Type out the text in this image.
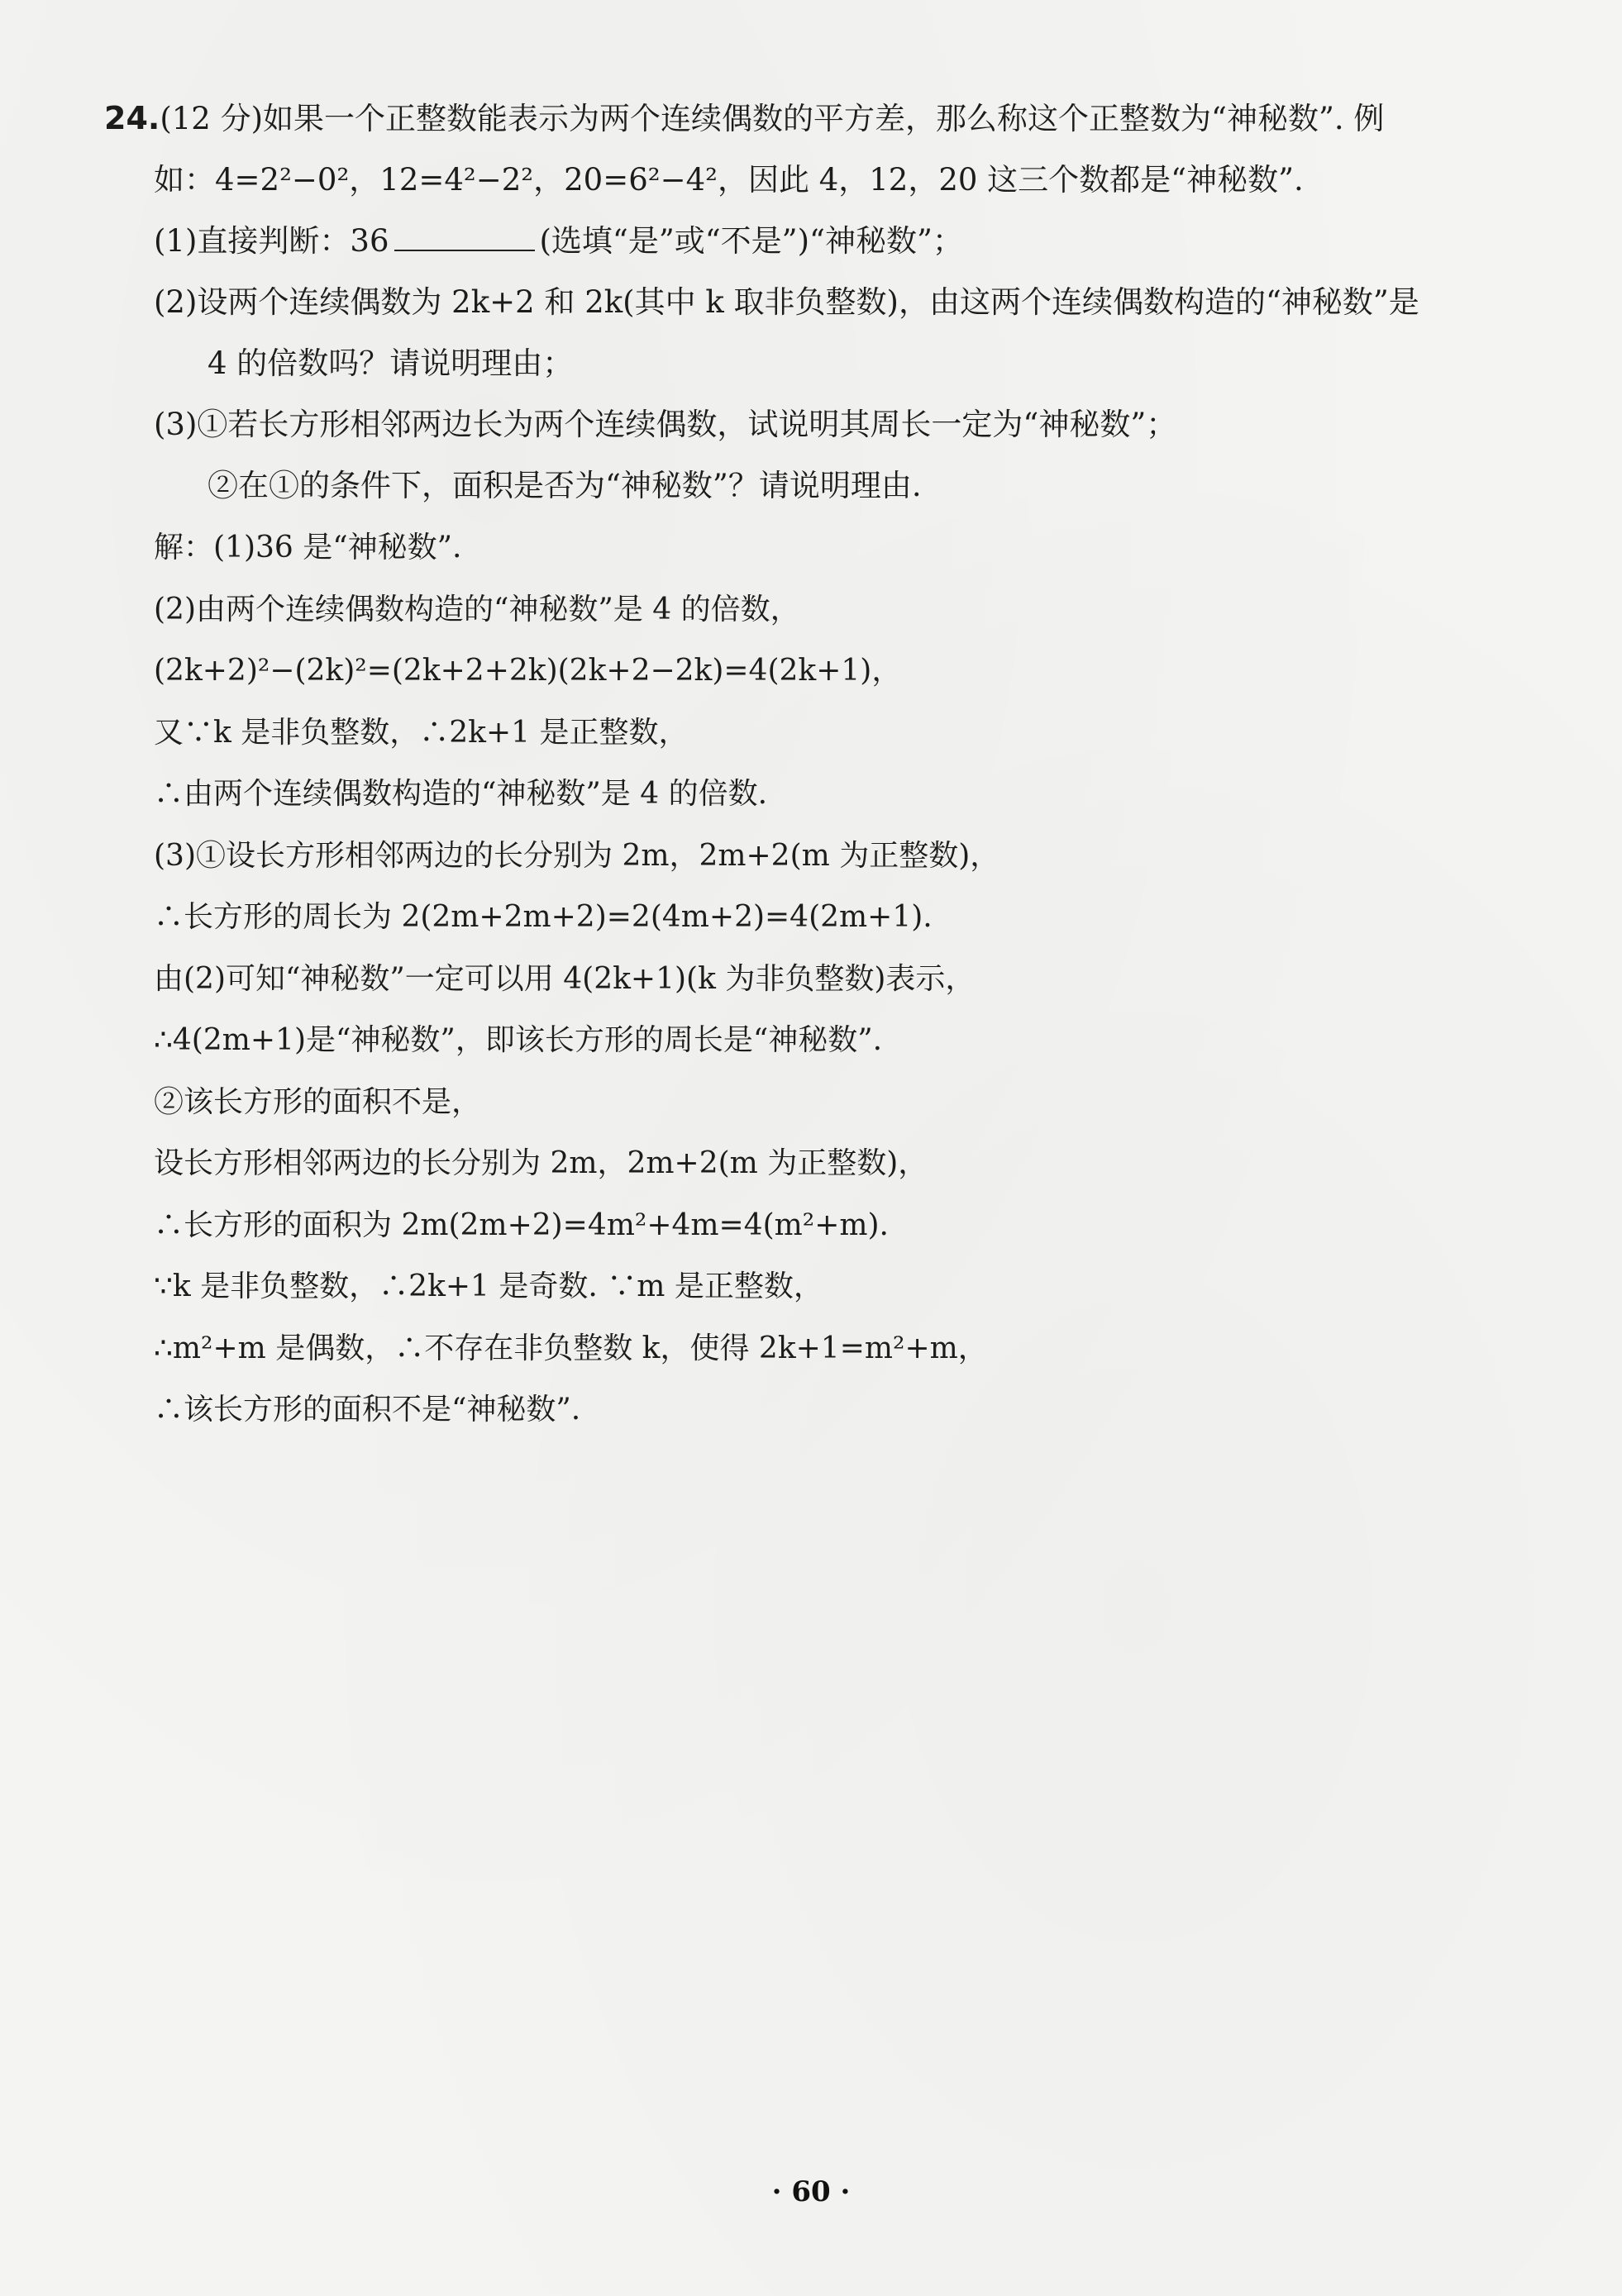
24.(12 分)如果一个正整数能表示为两个连续偶数的平方差，那么称这个正整数为“神秘数”. 例
如：4=2²−0²，12=4²−2²，20=6²−4²，因此 4，12，20 这三个数都是“神秘数”.
(1)直接判断：36	(选填“是”或“不是”)“神秘数”；
(2)设两个连续偶数为 2k+2 和 2k(其中 k 取非负整数)，由这两个连续偶数构造的“神秘数”是
4 的倍数吗？请说明理由；
(3)①若长方形相邻两边长为两个连续偶数，试说明其周长一定为“神秘数”；
②在①的条件下，面积是否为“神秘数”？请说明理由.
解：(1)36 是“神秘数”.
(2)由两个连续偶数构造的“神秘数”是 4 的倍数，
(2k+2)²−(2k)²=(2k+2+2k)(2k+2−2k)=4(2k+1)，
又∵k 是非负整数，∴2k+1 是正整数，
∴由两个连续偶数构造的“神秘数”是 4 的倍数.
(3)①设长方形相邻两边的长分别为 2m，2m+2(m 为正整数)，
∴长方形的周长为 2(2m+2m+2)=2(4m+2)=4(2m+1).
由(2)可知“神秘数”一定可以用 4(2k+1)(k 为非负整数)表示，
∴4(2m+1)是“神秘数”，即该长方形的周长是“神秘数”.
②该长方形的面积不是，
设长方形相邻两边的长分别为 2m，2m+2(m 为正整数)，
∴长方形的面积为 2m(2m+2)=4m²+4m=4(m²+m).
∵k 是非负整数，∴2k+1 是奇数. ∵m 是正整数，
∴m²+m 是偶数，∴不存在非负整数 k，使得 2k+1=m²+m，
∴该长方形的面积不是“神秘数”.
· 60 ·
